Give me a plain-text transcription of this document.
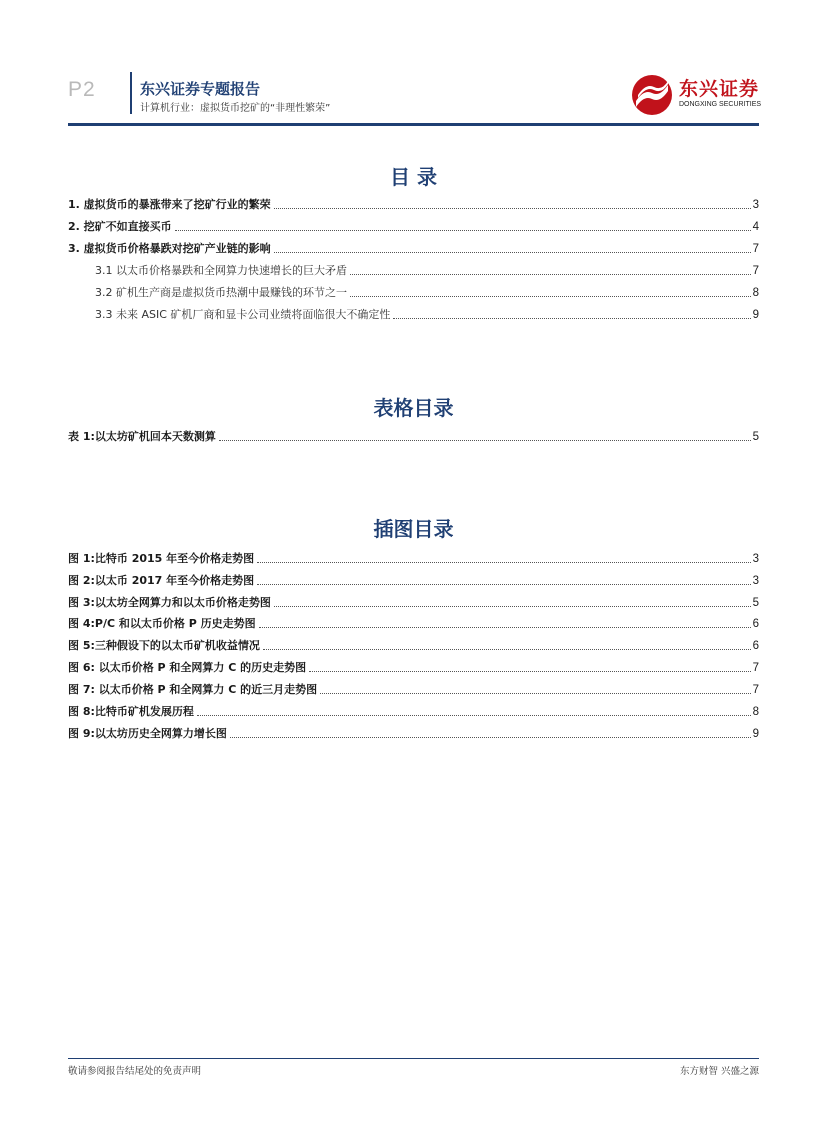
P2	东兴证券专题报告
计算机行业：虚拟货币挖矿的“非理性繁荣”
东兴证券
DONGXING SECURITIES
目 录
1. 虚拟货币的暴涨带来了挖矿行业的繁荣	3
2. 挖矿不如直接买币	4
3. 虚拟货币价格暴跌对挖矿产业链的影响	7
3.1 以太币价格暴跌和全网算力快速增长的巨大矛盾	7
3.2 矿机生产商是虚拟货币热潮中最赚钱的环节之一	8
3.3 未来 ASIC 矿机厂商和显卡公司业绩将面临很大不确定性	9
表格目录
表 1:以太坊矿机回本天数测算	5
插图目录
图 1:比特币 2015 年至今价格走势图	3
图 2:以太币 2017 年至今价格走势图	3
图 3:以太坊全网算力和以太币价格走势图	5
图 4:P/C 和以太币价格 P 历史走势图	6
图 5:三种假设下的以太币矿机收益情况	6
图 6: 以太币价格 P 和全网算力 C 的历史走势图	7
图 7: 以太币价格 P 和全网算力 C 的近三月走势图	7
图 8:比特币矿机发展历程	8
图 9:以太坊历史全网算力增长图	9
敬请参阅报告结尾处的免责声明	东方财智 兴盛之源
